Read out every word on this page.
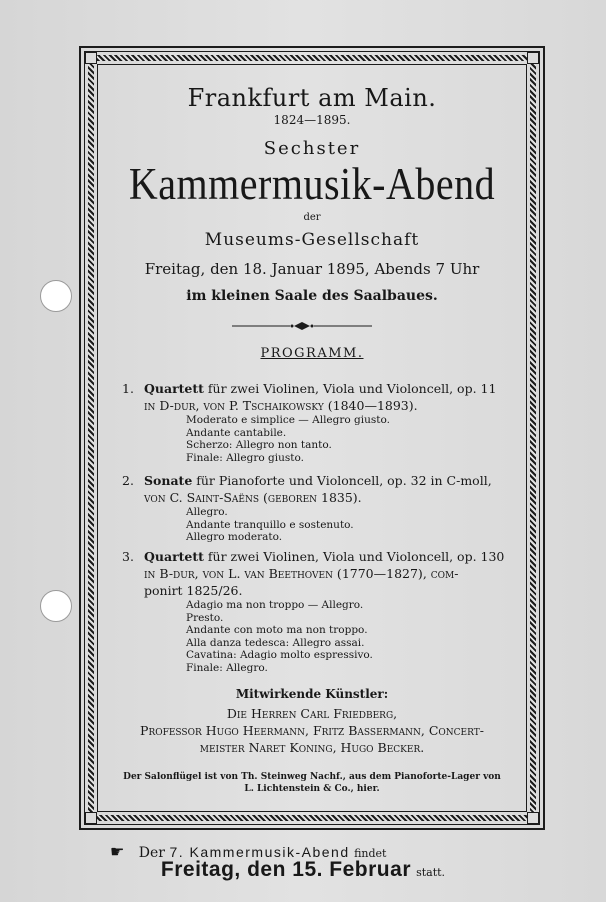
Frankfurt am Main.
1824—1895.
Sechster
Kammermusik-Abend
der
Museums-Gesellschaft
Freitag, den 18. Januar 1895, Abends 7 Uhr
im kleinen Saale des Saalbaues.
PROGRAMM.
1. Quartett für zwei Violinen, Viola und Violoncell, op. 11
in D-dur, von P. Tschaikowsky (1840—1893).
Moderato e simplice — Allegro giusto.
Andante cantabile.
Scherzo: Allegro non tanto.
Finale: Allegro giusto.
2. Sonate für Pianoforte und Violoncell, op. 32 in C-moll,
von C. Saint-Saëns (geboren 1835).
Allegro.
Andante tranquillo e sostenuto.
Allegro moderato.
3. Quartett für zwei Violinen, Viola und Violoncell, op. 130
in B-dur, von L. van Beethoven (1770—1827), com-
ponirt 1825/26.
Adagio ma non troppo — Allegro.
Presto.
Andante con moto ma non troppo.
Alla danza tedesca: Allegro assai.
Cavatina: Adagio molto espressivo.
Finale: Allegro.
Mitwirkende Künstler:
Die Herren Carl Friedberg,
Professor Hugo Heermann, Fritz Bassermann, Concert-
meister Naret Koning, Hugo Becker.
Der Salonflügel ist von Th. Steinweg Nachf., aus dem Pianoforte-Lager von
L. Lichtenstein & Co., hier.
☛ Der 7. Kammermusik-Abend findet
Freitag, den 15. Februar statt.
